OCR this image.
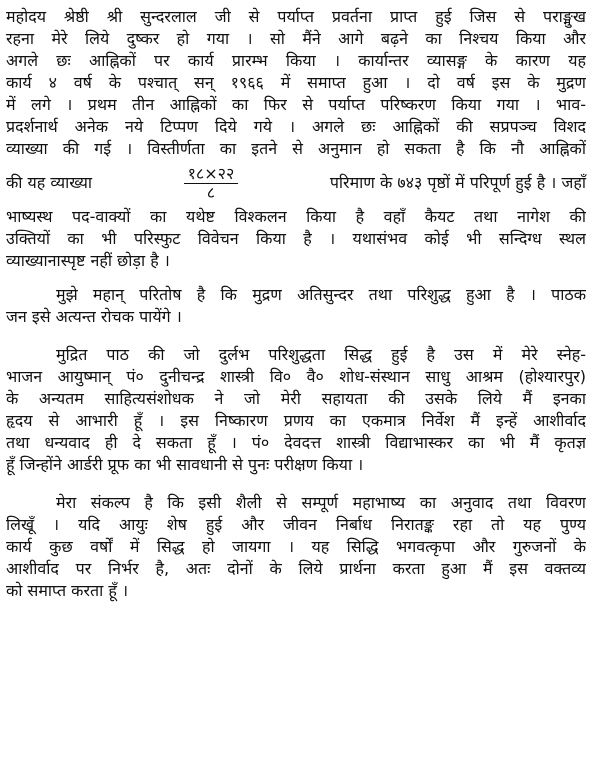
महोदय श्रेष्ठी श्री सुन्दरलाल जी से पर्याप्त प्रवर्तना प्राप्त हुई जिस से पराङ्मुख
रहना मेरे लिये दुष्कर हो गया । सो मैंने आगे बढ़ने का निश्चय किया और
अगले छः आह्निकों पर कार्य प्रारम्भ किया । कार्यान्तर व्यासङ्ग के कारण यह
कार्य ४ वर्ष के पश्चात् सन् १९६६ में समाप्त हुआ । दो वर्ष इस के मुद्रण
में लगे । प्रथम तीन आह्निकों का फिर से पर्याप्त परिष्करण किया गया । भाव-
प्रदर्शनार्थ अनेक नये टिप्पण दिये गये । अगले छः आह्निकों की सप्रपञ्च विशद
व्याख्या की गई । विस्तीर्णता का इतने से अनुमान हो सकता है कि नौ आह्निकों
की यह व्याख्या	$\frac{१८\times २२}{८}$	परिमाण के ७४३ पृष्ठों में परिपूर्ण हुई है । जहाँ
भाष्यस्थ पद-वाक्यों का यथेष्ट विश्कलन किया है वहाँ कैयट तथा नागेश की
उक्तियों का भी परिस्फुट विवेचन किया है । यथासंभव कोई भी सन्दिग्ध स्थल
व्याख्यानास्पृष्ट नहीं छोड़ा है ।
मुझे महान् परितोष है कि मुद्रण अतिसुन्दर तथा परिशुद्ध हुआ है । पाठक
जन इसे अत्यन्त रोचक पायेंगे ।
मुद्रित पाठ की जो दुर्लभ परिशुद्धता सिद्ध हुई है उस में मेरे स्नेह-
भाजन आयुष्मान् पं० दुनीचन्द्र शास्त्री वि० वै० शोध-संस्थान साधु आश्रम (होश्यारपुर)
के अन्यतम साहित्यसंशोधक ने जो मेरी सहायता की उसके लिये मैं इनका
हृदय से आभारी हूँ । इस निष्कारण प्रणय का एकमात्र निर्वेश मैं इन्हें आशीर्वाद
तथा धन्यवाद ही दे सकता हूँ । पं० देवदत्त शास्त्री विद्याभास्कर का भी मैं कृतज्ञ
हूँ जिन्होंने आर्डरी प्रूफ का भी सावधानी से पुनः परीक्षण किया ।
मेरा संकल्प है कि इसी शैली से सम्पूर्ण महाभाष्य का अनुवाद तथा विवरण
लिखूँ । यदि आयुः शेष हुई और जीवन निर्बाध निरातङ्क रहा तो यह पुण्य
कार्य कुछ वर्षों में सिद्ध हो जायगा । यह सिद्धि भगवत्कृपा और गुरुजनों के
आशीर्वाद पर निर्भर है, अतः दोनों के लिये प्रार्थना करता हुआ मैं इस वक्तव्य
को समाप्त करता हूँ ।
